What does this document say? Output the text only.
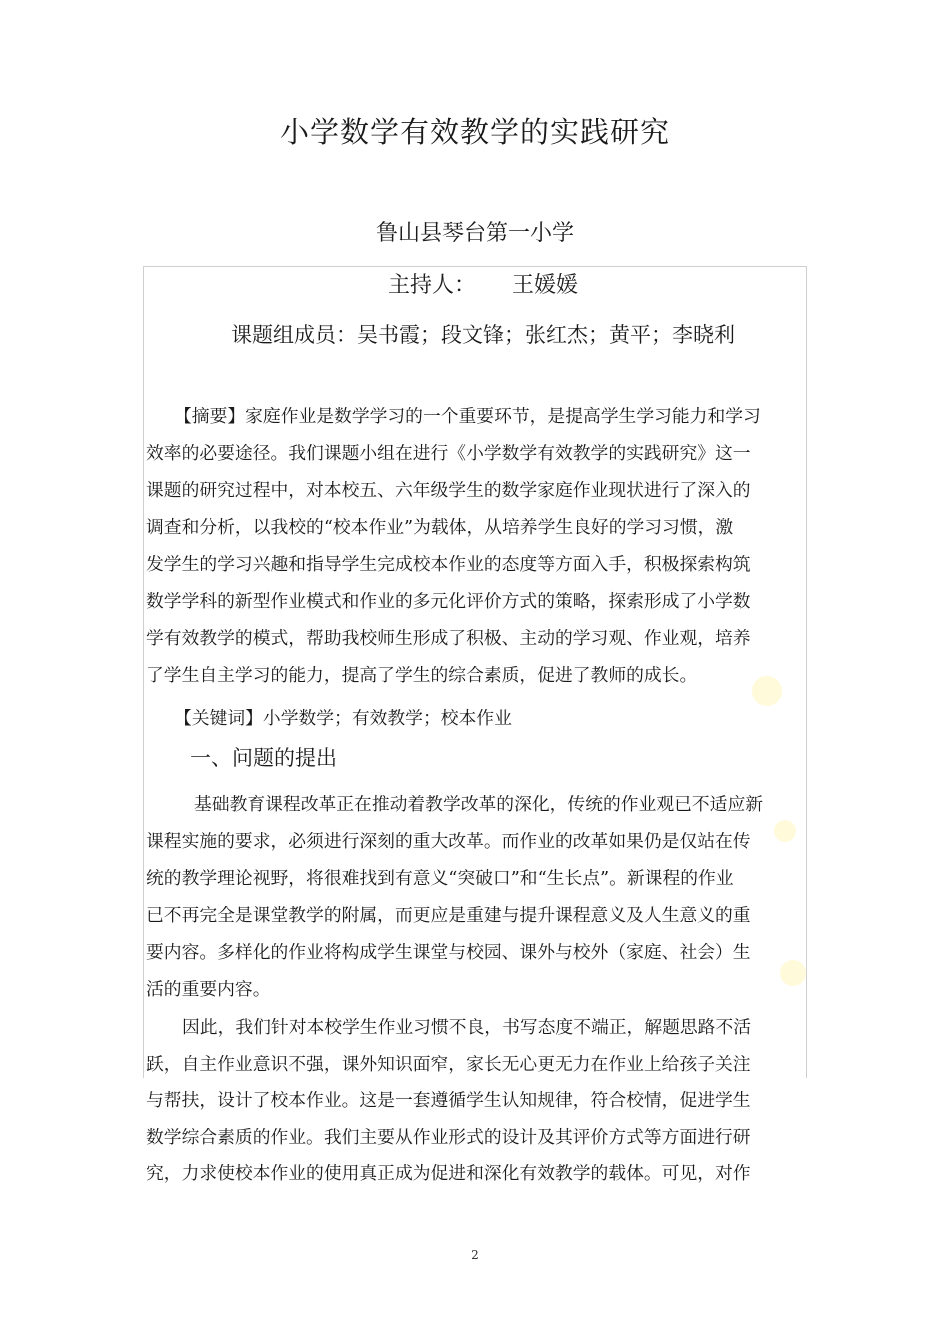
小学数学有效教学的实践研究
鲁山县琴台第一小学
主持人： 王媛媛
课题组成员：吴书霞；段文锋；张红杰；黄平；李晓利
【摘要】家庭作业是数学学习的一个重要环节，是提高学生学习能力和学习
效率的必要途径。我们课题小组在进行《小学数学有效教学的实践研究》这一
课题的研究过程中，对本校五、六年级学生的数学家庭作业现状进行了深入的
调查和分析，以我校的“校本作业”为载体，从培养学生良好的学习习惯，激
发学生的学习兴趣和指导学生完成校本作业的态度等方面入手，积极探索构筑
数学学科的新型作业模式和作业的多元化评价方式的策略，探索形成了小学数
学有效教学的模式，帮助我校师生形成了积极、主动的学习观、作业观，培养
了学生自主学习的能力，提高了学生的综合素质，促进了教师的成长。
【关键词】小学数学；有效教学；校本作业
一、问题的提出
基础教育课程改革正在推动着教学改革的深化，传统的作业观已不适应新
课程实施的要求，必须进行深刻的重大改革。而作业的改革如果仍是仅站在传
统的教学理论视野，将很难找到有意义“突破口”和“生长点”。新课程的作业
已不再完全是课堂教学的附属，而更应是重建与提升课程意义及人生意义的重
要内容。多样化的作业将构成学生课堂与校园、课外与校外（家庭、社会）生
活的重要内容。
因此，我们针对本校学生作业习惯不良，书写态度不端正，解题思路不活
跃，自主作业意识不强，课外知识面窄，家长无心更无力在作业上给孩子关注
与帮扶，设计了校本作业。这是一套遵循学生认知规律，符合校情，促进学生
数学综合素质的作业。我们主要从作业形式的设计及其评价方式等方面进行研
究，力求使校本作业的使用真正成为促进和深化有效教学的载体。可见，对作
2
